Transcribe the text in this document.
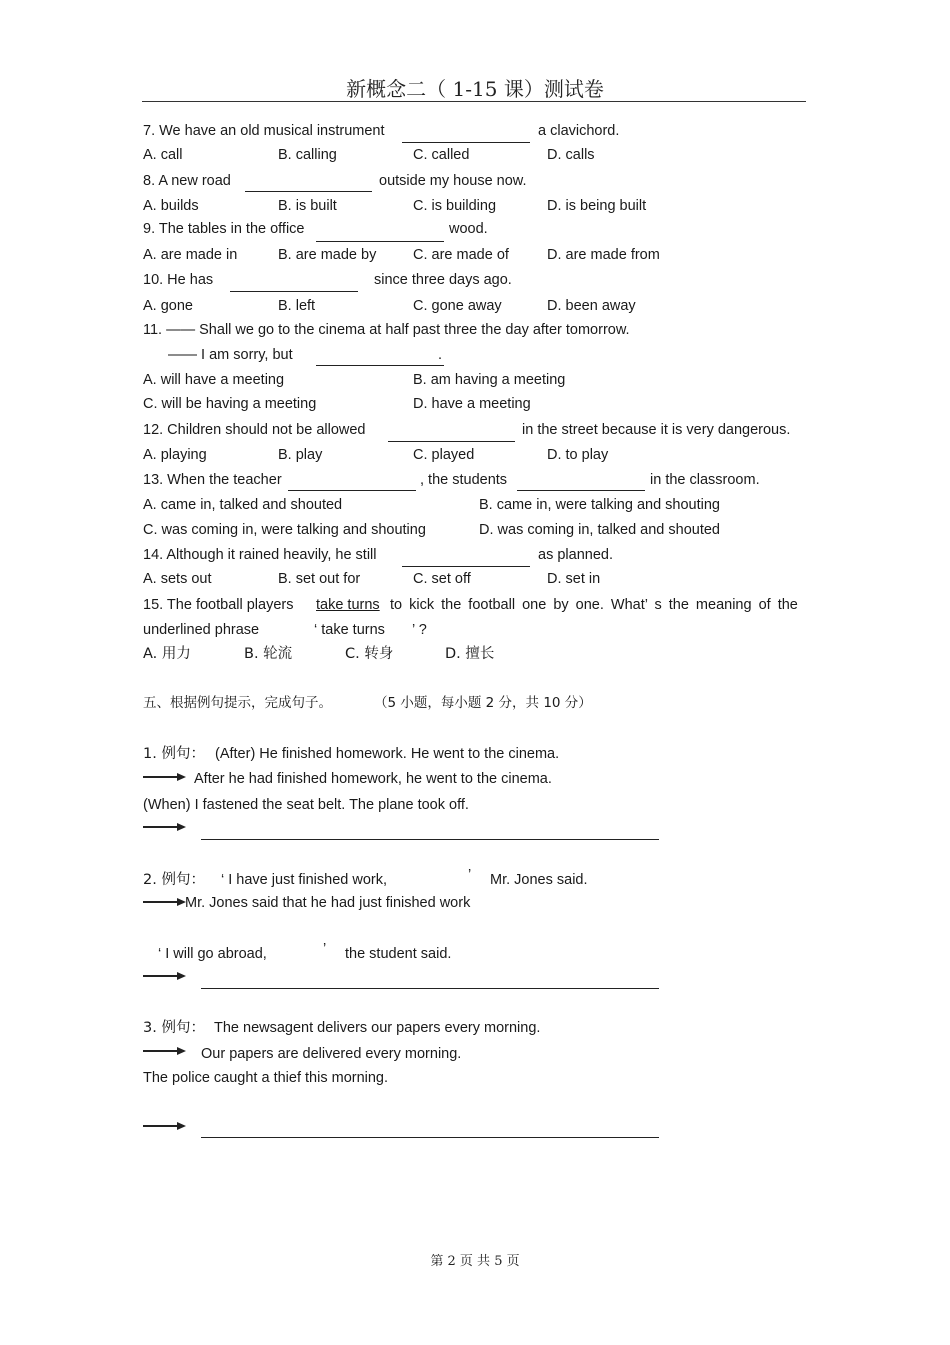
新概念二（ 1-15 课）测试卷
7. We have an old musical instrument	a clavichord.
A. call	B. calling	C. called	D. calls
8. A new road	outside my house now.
A. builds	B. is built	C. is building	D. is being built
9. The tables in the office	wood.
A. are made in	B. are made by	C. are made of	D. are made from
10. He has	since three days ago.
A. gone	B. left	C. gone away	D. been away
11. —— Shall we go to the cinema at half past three the day after tomorrow.
—— I am sorry, but	.
A. will have a meeting	B. am having a meeting
C. will be having a meeting	D. have a meeting
12. Children should not be allowed	in the street because it is very dangerous.
A. playing	B. play	C. played	D. to play
13. When the teacher	, the students	in the classroom.
A. came in, talked and shouted	B. came in, were talking and shouting
C. was coming in, were talking and shouting	D. was coming in, talked and shouted
14. Although it rained heavily, he still	as planned.
A. sets out	B. set out for	C. set off	D. set in
15. The football players take turns to kick the football one by one. What’ s the meaning of the
underlined phrase	‘ take turns ’ ?
A. 用力	B. 轮流	C. 转身	D. 擅长
五、根据例句提示，完成句子。	（5 小题，每小题 2 分，共 10 分）
1. 例句： (After) He finished homework. He went to the cinema.
After he had finished homework, he went to the cinema.
(When) I fastened the seat belt. The plane took off.
2. 例句： ‘ I have just finished work,	’ Mr. Jones said.
Mr. Jones said that he had just finished work
‘ I will go abroad,	’ the student said.
3. 例句： The newsagent delivers our papers every morning.
Our papers are delivered every morning.
The police caught a thief this morning.
第 2 页 共 5 页
